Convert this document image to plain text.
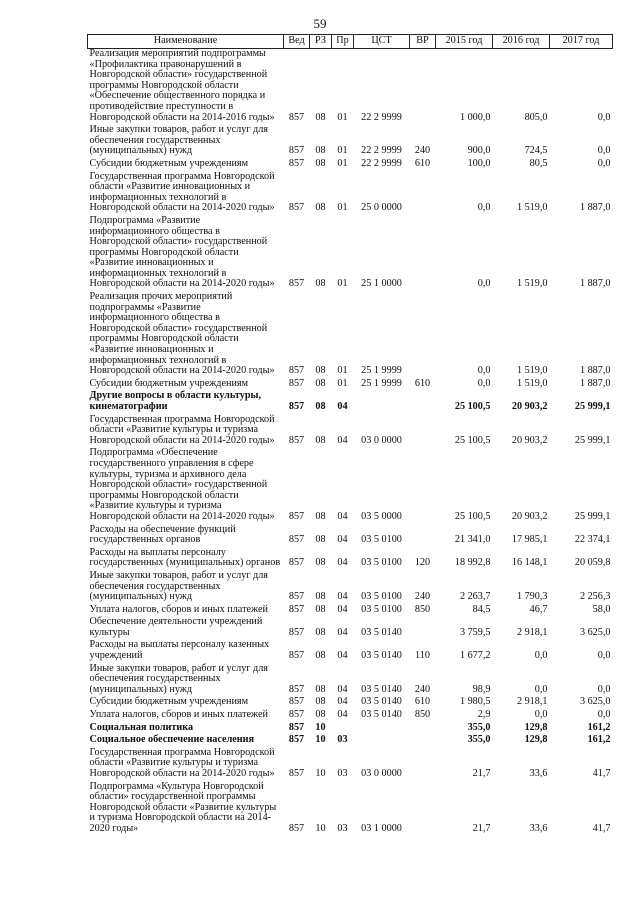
59
Наименование	Вед	РЗ	Пр	ЦСТ	ВР	2015 год	2016 год	2017 год
Реализация мероприятий подпрограммы «Профилактика правонарушений в Новгородской области» государственной программы Новгородской области «Обеспечение общественного порядка и противодействие преступности в Новгородской области на 2014-2016 годы»	857	08	01	22 2 9999		1 000,0	805,0	0,0
Иные закупки товаров, работ и услуг для обеспечения государственных (муниципальных) нужд	857	08	01	22 2 9999	240	900,0	724,5	0,0
Субсидии бюджетным учреждениям	857	08	01	22 2 9999	610	100,0	80,5	0,0
Государственная программа Новгородской области «Развитие инновационных и информационных технологий в Новгородской области на 2014-2020 годы»	857	08	01	25 0 0000		0,0	1 519,0	1 887,0
Подпрограмма «Развитие информационного общества в Новгородской области» государственной программы Новгородской области «Развитие инновационных и информационных технологий в Новгородской области на 2014-2020 годы»	857	08	01	25 1 0000		0,0	1 519,0	1 887,0
Реализация прочих мероприятий подпрограммы «Развитие информационного общества в Новгородской области» государственной программы Новгородской области «Развитие инновационных и информационных технологий в Новгородской области на 2014-2020 годы»	857	08	01	25 1 9999		0,0	1 519,0	1 887,0
Субсидии бюджетным учреждениям	857	08	01	25 1 9999	610	0,0	1 519,0	1 887,0
Другие вопросы в области культуры, кинематографии	857	08	04			25 100,5	20 903,2	25 999,1
Государственная программа Новгородской области «Развитие культуры и туризма Новгородской области на 2014-2020 годы»	857	08	04	03 0 0000		25 100,5	20 903,2	25 999,1
Подпрограмма «Обеспечение государственного управления в сфере культуры, туризма и архивного дела Новгородской области» государственной программы Новгородской области «Развитие культуры и туризма Новгородской области на 2014-2020 годы»	857	08	04	03 5 0000		25 100,5	20 903,2	25 999,1
Расходы на обеспечение функций государственных органов	857	08	04	03 5 0100		21 341,0	17 985,1	22 374,1
Расходы на выплаты персоналу государственных (муниципальных) органов	857	08	04	03 5 0100	120	18 992,8	16 148,1	20 059,8
Иные закупки товаров, работ и услуг для обеспечения государственных (муниципальных) нужд	857	08	04	03 5 0100	240	2 263,7	1 790,3	2 256,3
Уплата налогов, сборов и иных платежей	857	08	04	03 5 0100	850	84,5	46,7	58,0
Обеспечение деятельности учреждений культуры	857	08	04	03 5 0140		3 759,5	2 918,1	3 625,0
Расходы на выплаты персоналу казенных учреждений	857	08	04	03 5 0140	110	1 677,2	0,0	0,0
Иные закупки товаров, работ и услуг для обеспечения государственных (муниципальных) нужд	857	08	04	03 5 0140	240	98,9	0,0	0,0
Субсидии бюджетным учреждениям	857	08	04	03 5 0140	610	1 980,5	2 918,1	3 625,0
Уплата налогов, сборов и иных платежей	857	08	04	03 5 0140	850	2,9	0,0	0,0
Социальная политика	857	10				355,0	129,8	161,2
Социальное обеспечение населения	857	10	03			355,0	129,8	161,2
Государственная программа Новгородской области «Развитие культуры и туризма Новгородской области на 2014-2020 годы»	857	10	03	03 0 0000		21,7	33,6	41,7
Подпрограмма «Культура Новгородской области» государственной программы Новгородской области «Развитие культуры и туризма Новгородской области на 2014-2020 годы»	857	10	03	03 1 0000		21,7	33,6	41,7
